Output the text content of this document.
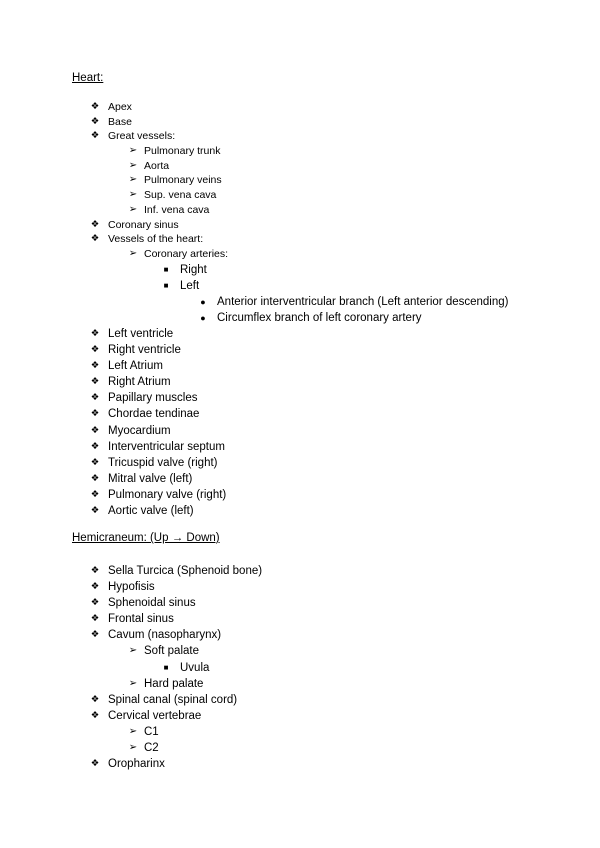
Heart:
❖ Apex
❖ Base
❖ Great vessels:
➢ Pulmonary trunk
➢ Aorta
➢ Pulmonary veins
➢ Sup. vena cava
➢ Inf. vena cava
❖ Coronary sinus
❖ Vessels of the heart:
➢ Coronary arteries:
■	Right
■	Left
● Anterior interventricular branch (Left anterior descending)
● Circumflex branch of left coronary artery
❖ Left ventricle
❖ Right ventricle
❖ Left Atrium
❖ Right Atrium
❖ Papillary muscles
❖ Chordae tendinae
❖ Myocardium
❖ Interventricular septum
❖ Tricuspid valve (right)
❖ Mitral valve (left)
❖ Pulmonary valve (right)
❖ Aortic valve (left)
Hemicraneum: (Up → Down)
❖ Sella Turcica (Sphenoid bone)
❖ Hypofisis
❖ Sphenoidal sinus
❖ Frontal sinus
❖ Cavum (nasopharynx)
➢ Soft palate
■	Uvula
➢ Hard palate
❖ Spinal canal (spinal cord)
❖ Cervical vertebrae
➢ C1
➢ C2
❖ Oropharinx
